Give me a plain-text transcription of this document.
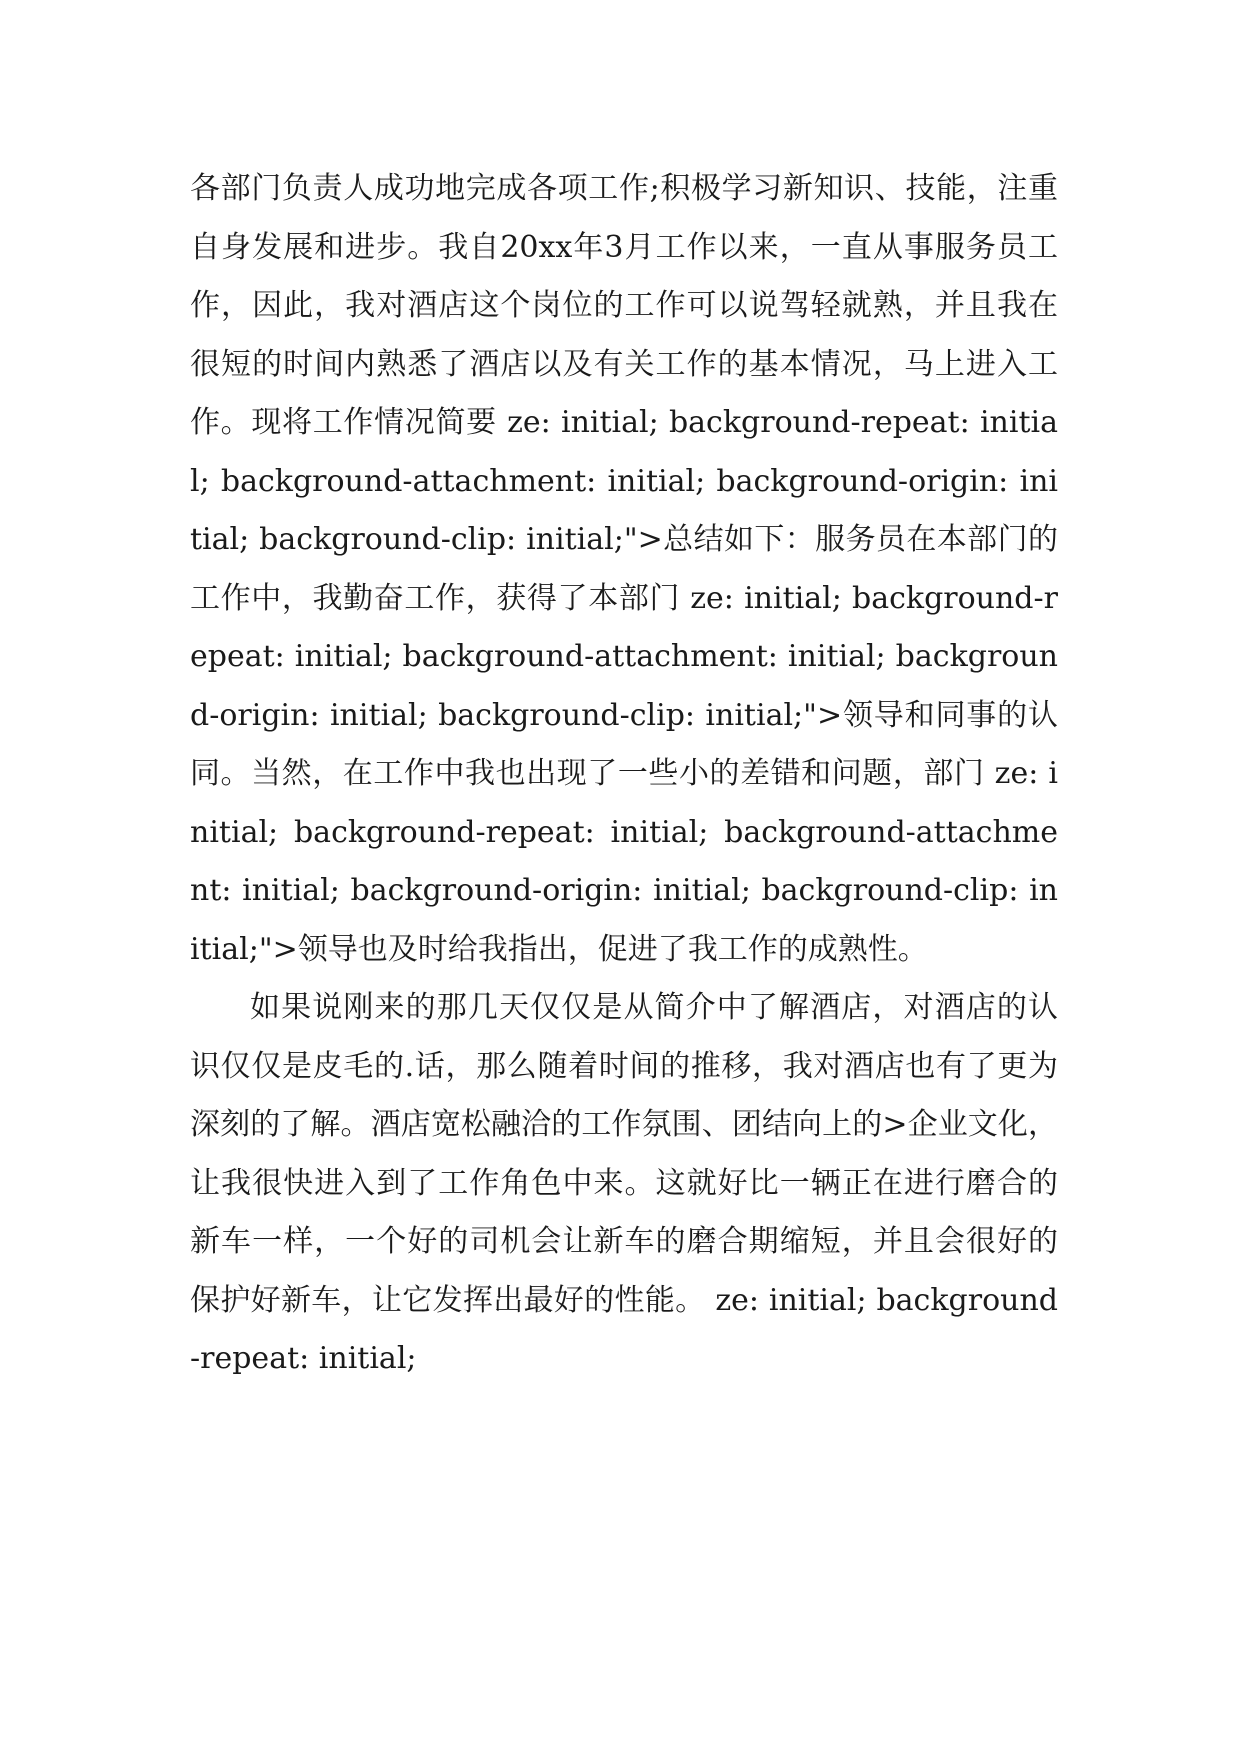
各部门负责人成功地完成各项工作;积极学习新知识、技能，注重自身发展和进步。我自20xx年3月工作以来，一直从事服务员工作，因此，我对酒店这个岗位的工作可以说驾轻就熟，并且我在很短的时间内熟悉了酒店以及有关工作的基本情况，马上进入工作。现将工作情况简要 ze: initial; background-repeat: initial; background-attachment: initial; background-origin: initial; background-clip: initial;">总结如下：服务员在本部门的工作中，我勤奋工作，获得了本部门 ze: initial; background-repeat: initial; background-attachment: initial; background-origin: initial; background-clip: initial;">领导和同事的认同。当然，在工作中我也出现了一些小的差错和问题，部门 ze: initial; background-repeat: initial; background-attachment: initial; background-origin: initial; background-clip: initial;">领导也及时给我指出，促进了我工作的成熟性。

如果说刚来的那几天仅仅是从简介中了解酒店，对酒店的认识仅仅是皮毛的.话，那么随着时间的推移，我对酒店也有了更为深刻的了解。酒店宽松融洽的工作氛围、团结向上的>企业文化，让我很快进入到了工作角色中来。这就好比一辆正在进行磨合的新车一样，一个好的司机会让新车的磨合期缩短，并且会很好的保护好新车，让它发挥出最好的性能。 ze: initial; background-repeat: initial;
